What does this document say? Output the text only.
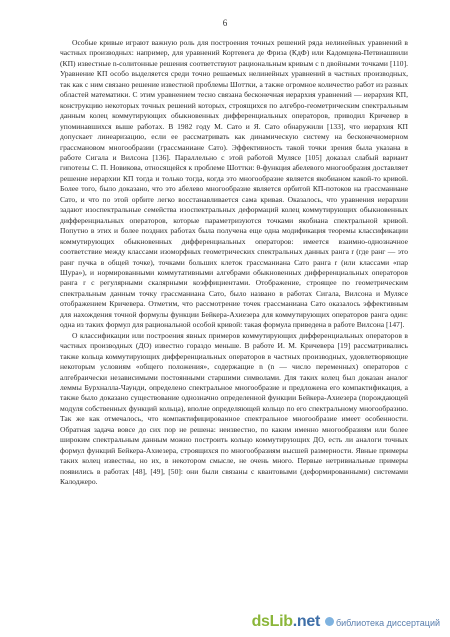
6

Особые кривые играют важную роль для построения точных решений ряда нелинейных уравнений в частных производных: например, для уравнений Кортевега де Фриза (КдФ) или Кадомцева-Петвиашвили (КП) известные n-солитонные решения соответствуют рациональным кривым с n двойными точками [110]. Уравнение КП особо выделяется среди точно решаемых нелинейных уравнений в частных производных, так как с ним связано решение известной проблемы Шоттки, а также огромное количество работ из разных областей математики. С этим уравнением тесно связана бесконечная иерархия уравнений — иерархия КП, конструкцию некоторых точных решений которых, строящихся по алгебро-геометрическим спектральным данным колец коммутирующих обыкновенных дифференциальных операторов, приводил Кричевер в упоминавшихся выше работах. В 1982 году М. Сато и Я. Сато обнаружили [133], что иерархия КП допускает линеаризацию, если ее рассматривать как динамическую систему на бесконечномерном грассмановом многообразии (грассманиане Сато). Эффективность такой точки зрения была указана в работе Сигала и Вилсона [136]. Параллельно с этой работой Мулясе [105] доказал слабый вариант гипотезы С. П. Новикова, относящейся к проблеме Шоттки: θ-функция абелевого многообразия доставляет решение иерархии КП тогда и только тогда, когда это многообразие является якобианом какой-то кривой. Более того, было доказано, что это абелево многообразие является орбитой КП-потоков на грассманиане Сато, и что по этой орбите легко восстанавливается сама кривая. Оказалось, что уравнения иерархии задают изоспектральные семейства изоспектральных деформаций колец коммутирующих обыкновенных дифференциальных операторов, которые параметризуются точками якобиана спектральной кривой. Попутно в этих и более поздних работах была получена еще одна модификация теоремы классификации коммутирующих обыкновенных дифференциальных операторов: имеется взаимно-однозначное соответствие между классами изоморфных геометрических спектральных данных ранга r (где ранг — это ранг пучка в общей точке), точками больших клеток грассманиана Сато ранга r (или классами «пар Шура»), и нормированными коммутативными алгебрами обыкновенных дифференциальных операторов ранга r с регулярными скалярными коэффициентами. Отображение, строящее по геометрическим спектральным данным точку грассманиана Сато, было названо в работах Сигала, Вилсона и Мулясе отображением Кричевера. Отметим, что рассмотрение точек грассманиана Сато оказалось эффективным для нахождения точной формулы функции Бейкера-Ахиезера для коммутирующих операторов ранга один: одна из таких формул для рациональной особой кривой: такая формула приведена в работе Вилсона [147].

О классификации или построения явных примеров коммутирующих дифференциальных операторов в частных производных (ДО) известно гораздо меньше. В работе И. М. Кричевера [19] рассматривались также кольца коммутирующих дифференциальных операторов в частных производных, удовлетворяющие некоторым условиям «общего положения», содержащие n (n — число переменных) операторов с алгебраически независимыми постоянными старшими символами. Для таких колец был доказан аналог леммы Бурхналла-Чаунди, определено спектральное многообразие и предложена его компактификация, а также было доказано существование однозначно определенной функции Бейкера-Ахиезера (порождающей модуля собственных функций кольца), вполне определяющей кольцо по его спектральному многообразию. Так же как отмечалось, что компактифицированное спектральное многообразие имеет особенности. Обратная задача вовсе до сих пор не решена: неизвестно, по каким именно многообразиям или более широким спектральным данным можно построить кольцо коммутирующих ДО, есть ли аналоги точных формул функций Бейкера-Ахиезера, строящихся по многообразиям высшей размерности. Явные примеры таких колец известны, но их, в некотором смысле, не очень много. Первые нетривиальные примеры появились в работах [48], [49], [50]: они были связаны с квантовыми (деформированными) системами Калоджеро.

dsLib.net	библиотека диссертаций
